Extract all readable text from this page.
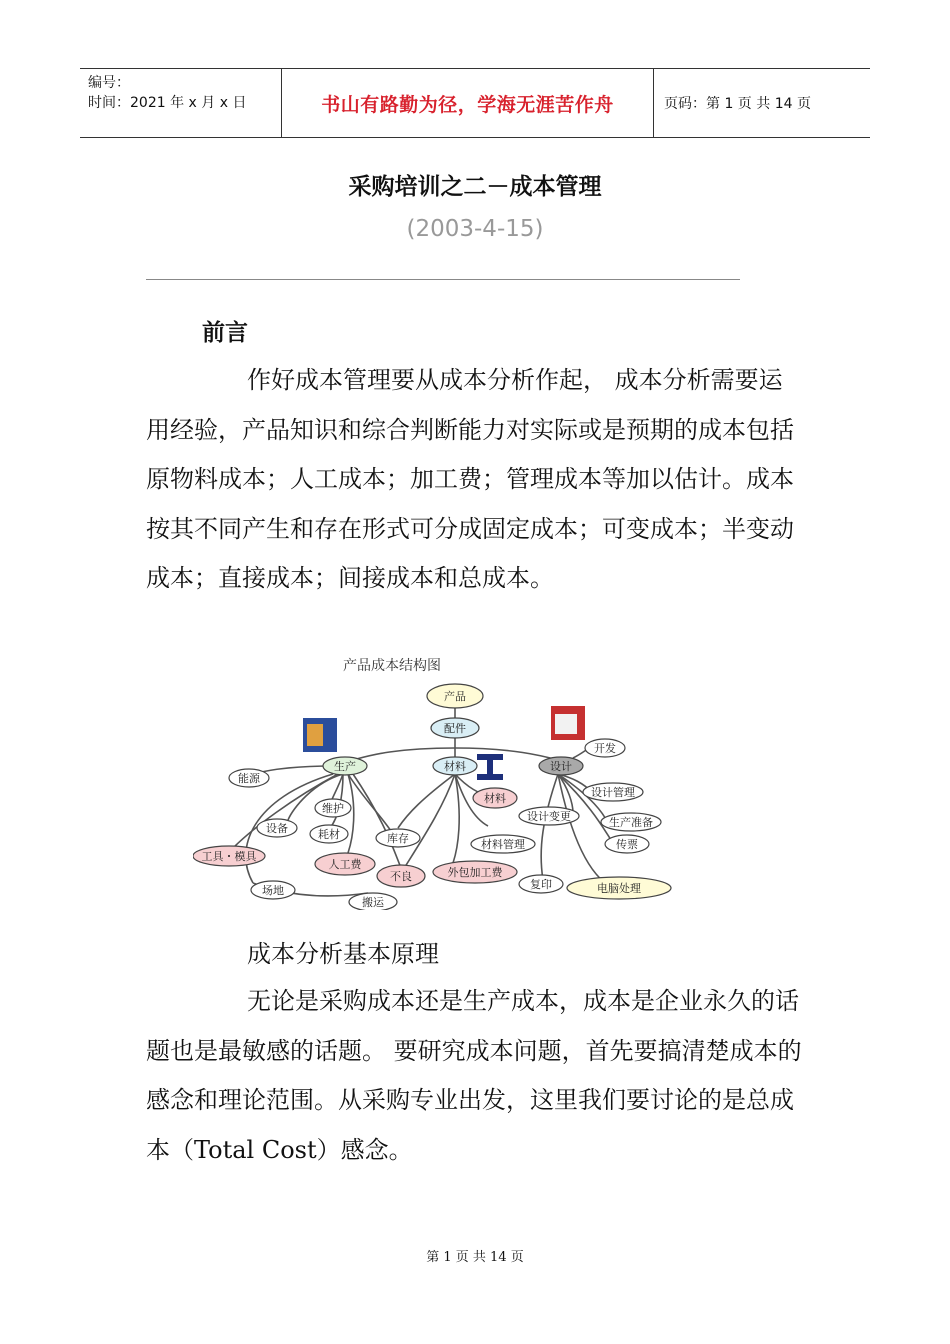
编号：
时间：2021 年 x 月 x 日	书山有路勤为径，学海无涯苦作舟	页码：第 1 页 共 14 页
采购培训之二－成本管理
(2003-4-15)
前言
作好成本管理要从成本分析作起， 成本分析需要运用经验，产品知识和综合判断能力对实际或是预期的成本包括原物料成本；人工成本；加工费；管理成本等加以估计。成本按其不同产生和存在形式可分成固定成本；可变成本；半变动成本；直接成本；间接成本和总成本。
产品
配件
生产	材料	设计
能源
维护
设备	耗材	库存
材料
材料管理
人工费
不良	外包加工费
工具・模具
场地
搬运
开发
设计变更
设计管理
生产准备
传票
复印	电脑处理
产品成本结构图
成本分析基本原理
无论是采购成本还是生产成本，成本是企业永久的话题也是最敏感的话题。 要研究成本问题，首先要搞清楚成本的感念和理论范围。从采购专业出发，这里我们要讨论的是总成本（Total Cost）感念。
第 1 页 共 14 页
